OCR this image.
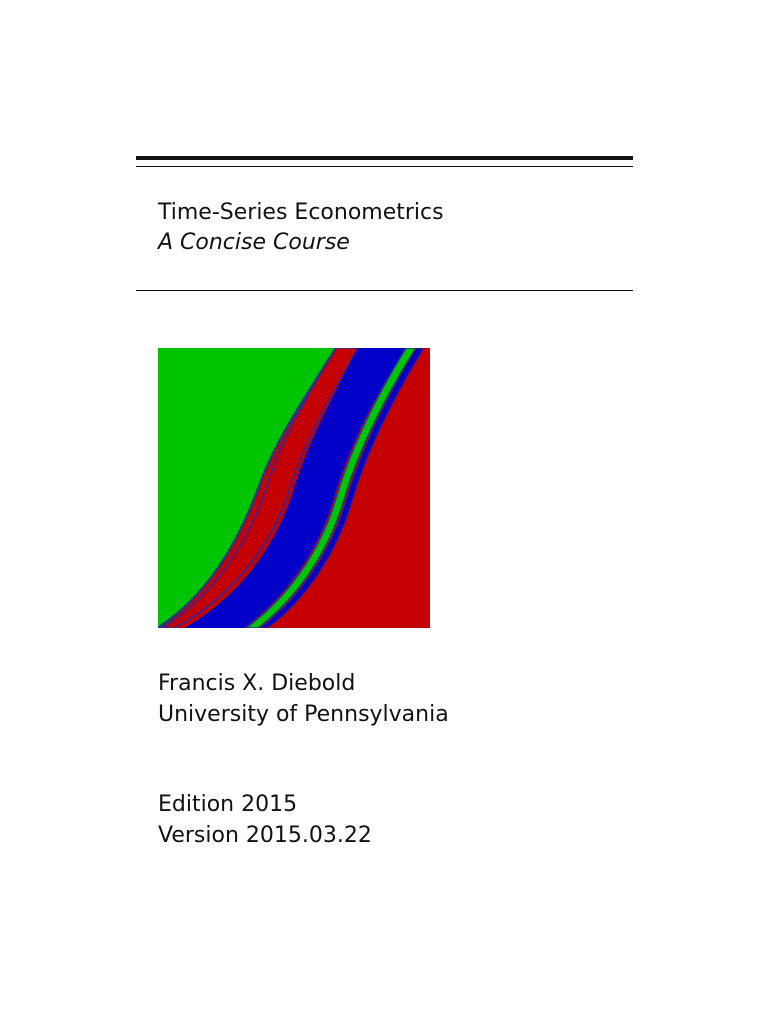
Time-Series Econometrics
A Concise Course
Francis X. Diebold
University of Pennsylvania
Edition 2015
Version 2015.03.22
